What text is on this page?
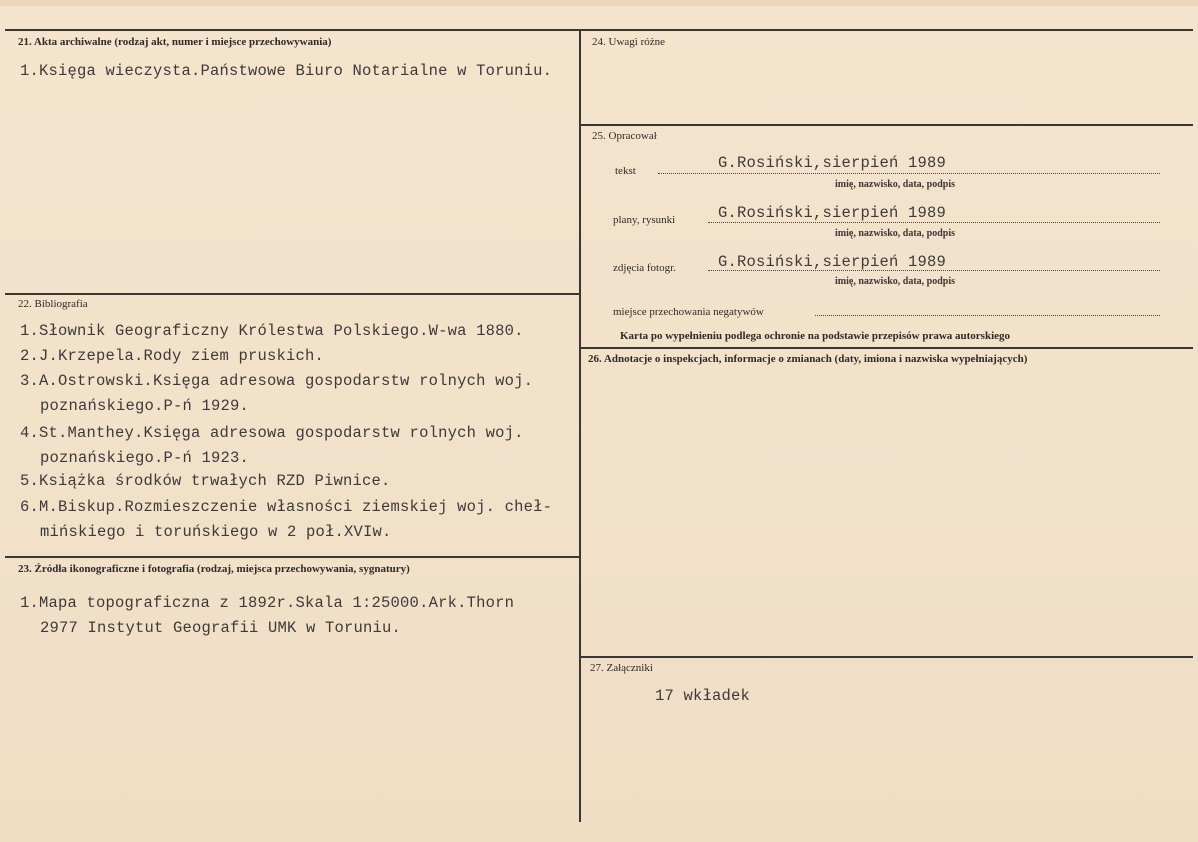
21. Akta archiwalne (rodzaj akt, numer i miejsce przechowywania)
1.Księga wieczysta.Państwowe Biuro Notarialne w Toruniu.
22. Bibliografia
1.Słownik Geograficzny Królestwa Polskiego.W-wa 1880.
2.J.Krzepela.Rody ziem pruskich.
3.A.Ostrowski.Księga adresowa gospodarstw rolnych woj.
poznańskiego.P-ń 1929.
4.St.Manthey.Księga adresowa gospodarstw rolnych woj.
poznańskiego.P-ń 1923.
5.Książka środków trwałych RZD Piwnice.
6.M.Biskup.Rozmieszczenie własności ziemskiej woj. cheł-
mińskiego i toruńskiego w 2 poł.XVIw.
23. Źródła ikonograficzne i fotografia (rodzaj, miejsca przechowywania, sygnatury)
1.Mapa topograficzna z 1892r.Skala 1:25000.Ark.Thorn
2977 Instytut Geografii UMK w Toruniu.
24. Uwagi różne
25. Opracował
tekst	G.Rosiński,sierpień 1989
imię, nazwisko, data, podpis
plany, rysunki	G.Rosiński,sierpień 1989
imię, nazwisko, data, podpis
zdjęcia fotogr.	G.Rosiński,sierpień 1989
imię, nazwisko, data, podpis
miejsce przechowania negatywów
Karta po wypełnieniu podlega ochronie na podstawie przepisów prawa autorskiego
26. Adnotacje o inspekcjach, informacje o zmianach (daty, imiona i nazwiska wypełniających)
27. Załączniki
17 wkładek
